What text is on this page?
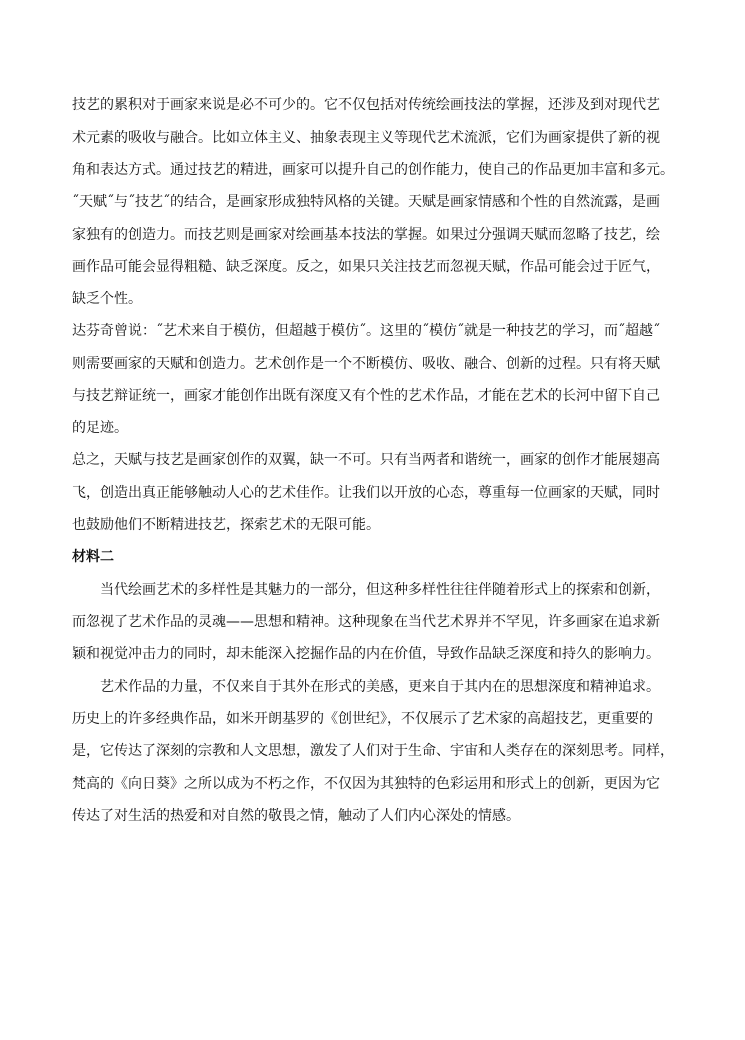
技艺的累积对于画家来说是必不可少的。它不仅包括对传统绘画技法的掌握，还涉及到对现代艺
术元素的吸收与融合。比如立体主义、抽象表现主义等现代艺术流派，它们为画家提供了新的视
角和表达方式。通过技艺的精进，画家可以提升自己的创作能力，使自己的作品更加丰富和多元。
˝天赋˝与˝技艺˝的结合，是画家形成独特风格的关键。天赋是画家情感和个性的自然流露，是画
家独有的创造力。而技艺则是画家对绘画基本技法的掌握。如果过分强调天赋而忽略了技艺，绘
画作品可能会显得粗糙、缺乏深度。反之，如果只关注技艺而忽视天赋，作品可能会过于匠气，
缺乏个性。
达芬奇曾说：˝艺术来自于模仿，但超越于模仿˝。这里的˝模仿˝就是一种技艺的学习，而˝超越˝
则需要画家的天赋和创造力。艺术创作是一个不断模仿、吸收、融合、创新的过程。只有将天赋
与技艺辩证统一，画家才能创作出既有深度又有个性的艺术作品，才能在艺术的长河中留下自己
的足迹。
总之，天赋与技艺是画家创作的双翼，缺一不可。只有当两者和谐统一，画家的创作才能展翅高
飞，创造出真正能够触动人心的艺术佳作。让我们以开放的心态，尊重每一位画家的天赋，同时
也鼓励他们不断精进技艺，探索艺术的无限可能。
材料二
当代绘画艺术的多样性是其魅力的一部分，但这种多样性往往伴随着形式上的探索和创新，
而忽视了艺术作品的灵魂——思想和精神。这种现象在当代艺术界并不罕见，许多画家在追求新
颖和视觉冲击力的同时，却未能深入挖掘作品的内在价值，导致作品缺乏深度和持久的影响力。
艺术作品的力量，不仅来自于其外在形式的美感，更来自于其内在的思想深度和精神追求。
历史上的许多经典作品，如米开朗基罗的《创世纪》，不仅展示了艺术家的高超技艺，更重要的
是，它传达了深刻的宗教和人文思想，激发了人们对于生命、宇宙和人类存在的深刻思考。同样，
梵高的《向日葵》之所以成为不朽之作，不仅因为其独特的色彩运用和形式上的创新，更因为它
传达了对生活的热爱和对自然的敬畏之情，触动了人们内心深处的情感。
